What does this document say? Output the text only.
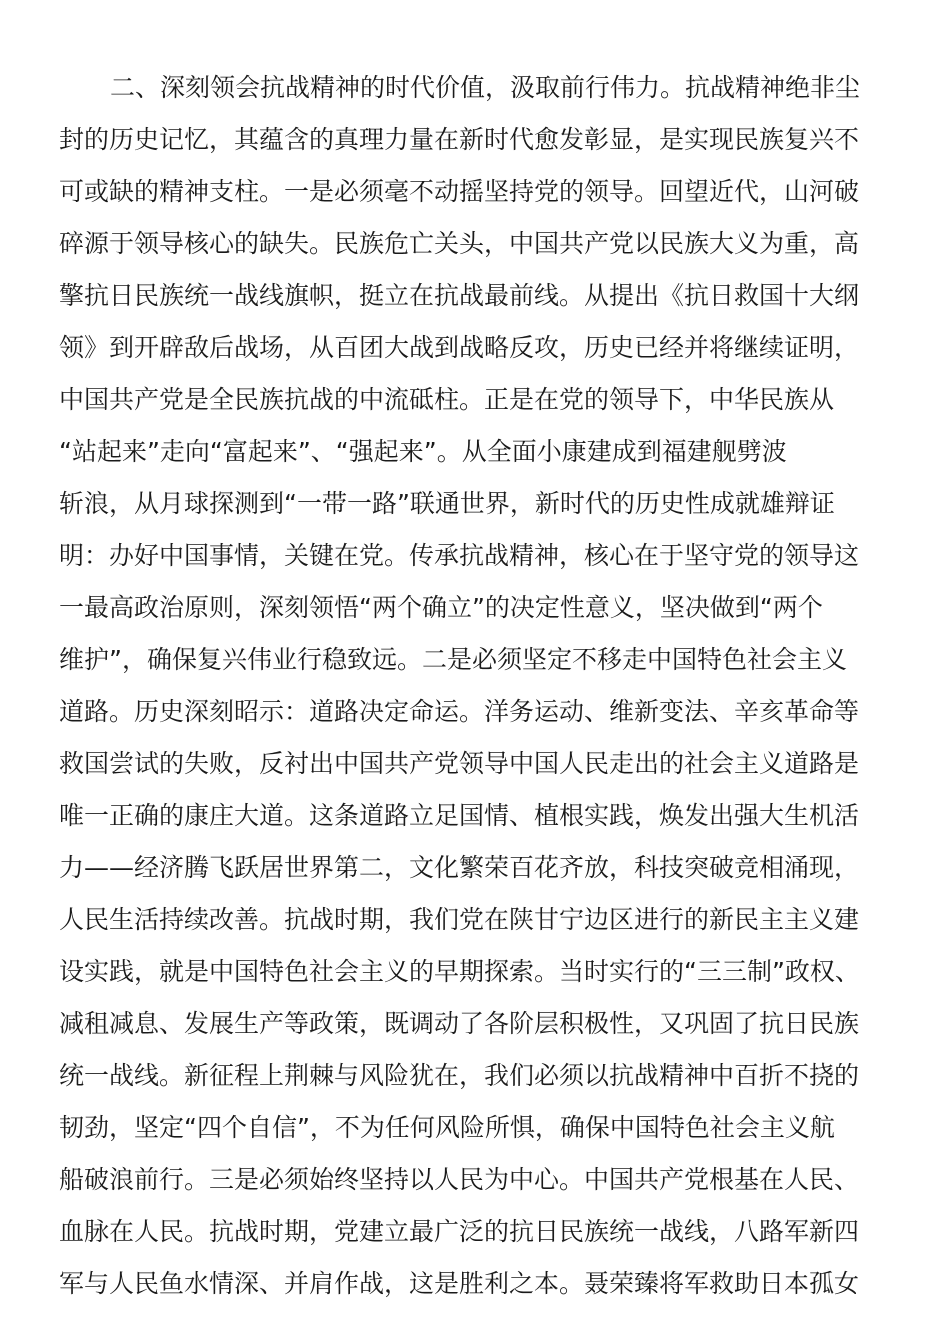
二、深刻领会抗战精神的时代价值，汲取前行伟力。抗战精神绝非尘
封的历史记忆，其蕴含的真理力量在新时代愈发彰显，是实现民族复兴不
可或缺的精神支柱。一是必须毫不动摇坚持党的领导。回望近代，山河破
碎源于领导核心的缺失。民族危亡关头，中国共产党以民族大义为重，高
擎抗日民族统一战线旗帜，挺立在抗战最前线。从提出《抗日救国十大纲
领》到开辟敌后战场，从百团大战到战略反攻，历史已经并将继续证明，
中国共产党是全民族抗战的中流砥柱。正是在党的领导下，中华民族从
“站起来”走向“富起来”、“强起来”。从全面小康建成到福建舰劈波
斩浪，从月球探测到“一带一路”联通世界，新时代的历史性成就雄辩证
明：办好中国事情，关键在党。传承抗战精神，核心在于坚守党的领导这
一最高政治原则，深刻领悟“两个确立”的决定性意义，坚决做到“两个
维护”，确保复兴伟业行稳致远。二是必须坚定不移走中国特色社会主义
道路。历史深刻昭示：道路决定命运。洋务运动、维新变法、辛亥革命等
救国尝试的失败，反衬出中国共产党领导中国人民走出的社会主义道路是
唯一正确的康庄大道。这条道路立足国情、植根实践，焕发出强大生机活
力——经济腾飞跃居世界第二，文化繁荣百花齐放，科技突破竞相涌现，
人民生活持续改善。抗战时期，我们党在陕甘宁边区进行的新民主主义建
设实践，就是中国特色社会主义的早期探索。当时实行的“三三制”政权、
减租减息、发展生产等政策，既调动了各阶层积极性，又巩固了抗日民族
统一战线。新征程上荆棘与风险犹在，我们必须以抗战精神中百折不挠的
韧劲，坚定“四个自信”，不为任何风险所惧，确保中国特色社会主义航
船破浪前行。三是必须始终坚持以人民为中心。中国共产党根基在人民、
血脉在人民。抗战时期，党建立最广泛的抗日民族统一战线，八路军新四
军与人民鱼水情深、并肩作战，这是胜利之本。聂荣臻将军救助日本孤女
